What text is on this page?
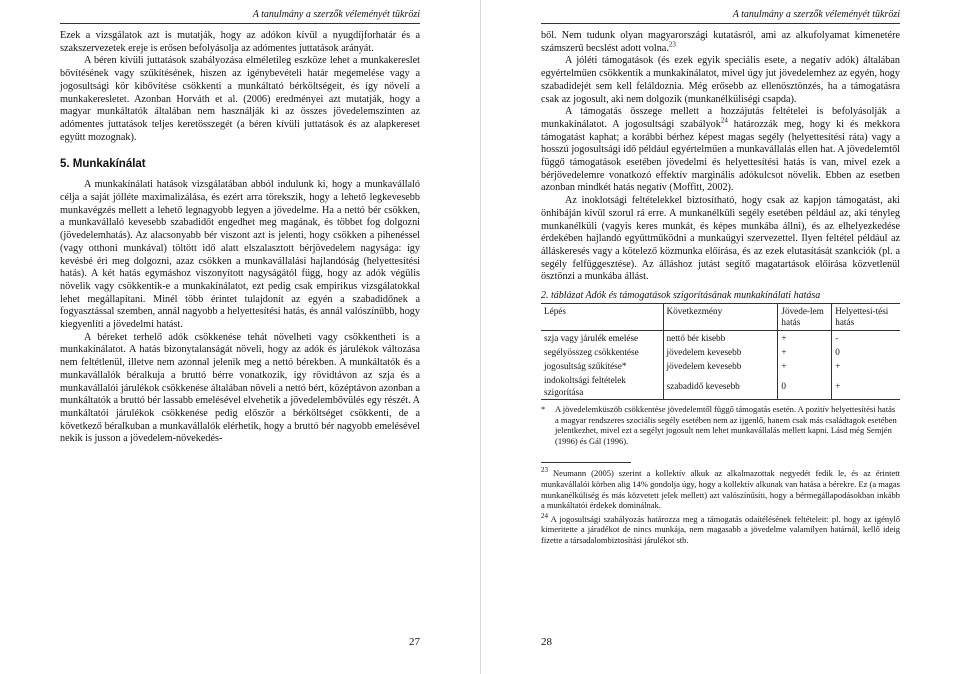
A tanulmány a szerzők véleményét tükrözi

Ezek a vizsgálatok azt is mutatják, hogy az adókon kívül a nyugdíjforhatár és a szakszervezetek ereje is erősen befolyásolja az adómentes juttatások arányát.

A béren kívüli juttatások szabályozása elméletileg eszköze lehet a munkakereslet bővítésének vagy szűkítésének, hiszen az igénybevételi határ megemelése vagy a jogosultsági kör kibővítése csökkenti a munkáltató bérköltségeit, és így növeli a munkakeresletet. Azonban Horváth et al. (2006) eredményei azt mutatják, hogy a magyar munkáltatók általában nem használják ki az összes jövedelemszinten az adómentes juttatások teljes keretösszegét (a béren kívüli juttatások és az alapkereset együtt mozognak).

5. Munkakínálat

A munkakínálati hatások vizsgálatában abból indulunk ki, hogy a munkavállaló célja a saját jólléte maximalizálása, és ezért arra törekszik, hogy a lehető legkevesebb munkavégzés mellett a lehető legnagyobb legyen a jövedelme. Ha a nettó bér csökken, a munkavállaló kevesebb szabadidőt engedhet meg magának, és többet fog dolgozni (jövedelemhatás). Az alacsonyabb bér viszont azt is jelenti, hogy csökken a pihenéssel (vagy otthoni munkával) töltött idő alatt elszalasztott bérjövedelem nagysága: így kevésbé éri meg dolgozni, azaz csökken a munkavállalási hajlandóság (helyettesítési hatás). A két hatás egymáshoz viszonyított nagyságától függ, hogy az adók végülis növelik vagy csökkentik-e a munkakínálatot, ezt pedig csak empirikus vizsgálatokkal lehet megállapítani. Minél több érintet tulajdonít az egyén a szabadidőnek a fogyasztással szemben, annál nagyobb a helyettesítési hatás, és annál valószínűbb, hogy kiegyenlíti a jövedelmi hatást.

A béreket terhelő adók csökkenése tehát növelheti vagy csökkentheti is a munkakínálatot. A hatás bizonytalanságát növeli, hogy az adók és járulékok változása nem feltétlenül, illetve nem azonnal jelenik meg a nettó bérekben. A munkáltatók és a munkavállalók béralkuja a bruttó bérre vonatkozik, így rövidtávon az szja és a munkavállalói járulékok csökkenése általában növeli a nettó bért, középtávon azonban a munkáltatók a bruttó bér lassabb emelésével elvehetik a jövedelembővülés egy részét. A munkáltatói járulékok csökkenése pedig először a bérköltséget csökkenti, de a következő béralkuban a munkavállalók elérhetik, hogy a bruttó bér nagyobb emelésével nekik is jusson a jövedelem-növekedés-

27
A tanulmány a szerzők véleményét tükrözi

ből. Nem tudunk olyan magyarországi kutatásról, ami az alkufolyamat kimenetére számszerű becslést adott volna.$^{23}$

A jóléti támogatások (és ezek egyik speciális esete, a negatív adók) általában egyértelműen csökkentik a munkakínálatot, mivel úgy jut jövedelemhez az egyén, hogy szabadidejét sem kell feláldoznia. Még erősebb az ellenösztönzés, ha a támogatásra csak az jogosult, aki nem dolgozik (munkanélküliségi csapda).

A támogatás összege mellett a hozzájutás feltételei is befolyásolják a munkakínálatot. A jogosultsági szabályok$^{24}$ határozzák meg, hogy ki és mekkora támogatást kaphat; a korábbi bérhez képest magas segély (helyettesítési ráta) vagy a hosszú jogosultsági idő például egyértelműen a munkavállalás ellen hat. A jövedelemtől függő támogatások esetében jövedelmi és helyettesítési hatás is van, mivel ezek a bérjövedelemre vonatkozó effektív marginális adókulcsot növelik. Ebben az esetben azonban mindkét hatás negatív (Moffitt, 2002).

Az inoklotsági feltételekkel biztosítható, hogy csak az kapjon támogatást, aki önhibáján kívül szorul rá erre. A munkanélküli segély esetében például az, aki tényleg munkanélküli (vagyis keres munkát, és képes munkába állni), és az elhelyezkedése érdekében hajlandó együttműködni a munkaügyi szervezettel. Ilyen feltétel például az álláskeresés vagy a kötelező közmunka előírása, és az ezek elutasítását szankciók (pl. a segély felfüggesztése). Az álláshoz jutást segítő magatartások előírása közvetlenül ösztönzi a munkába állást.

2. táblázat Adók és támogatások szigorításának munkakínálati hatása
Lépés	Következmény	Jövede-lem hatás	Helyettesí-tési hatás
szja vagy járulék emelése	nettó bér kisebb	+	-
segélyösszeg csökkentése	jövedelem kevesebb	+	0
jogosultság szűkítése*	jövedelem kevesebb	+	+
indokoltsági feltételek szigorítása	szabadidő kevesebb	0	+
*	A jövedelemküszöb csökkentése jövedelemtől függő támogatás esetén. A pozitív helyettesítési hatás a magyar rendszeres szociális segély esetében nem az ijgenlő, hanem csak más családtagok esetében jelentkezhet, mivel ezt a segélyt jogosult nem lehet munkavállalás mellett kapni. Lásd még Semjén (1996) és Gál (1996).
$^{23}$ Neumann (2005) szerint a kollektív alkuk az alkalmazottak negyedét fedik le, és az érintett munkavállalói körben alig 14% gondolja úgy, hogy a kollektív alkunak van hatása a bérekre. Ez (a magas munkanélküliség és más közvetett jelek mellett) azt valószínűsíti, hogy a bérmegállapodásokban inkább a munkáltatói érdekek dominálnak.
$^{24}$ A jogosultsági szabályozás határozza meg a támogatás odaítélésének feltételeit: pl. hogy az igénylő kimeritette a járadékot de nincs munkája, nem magasabb a jövedelme valamilyen határnál, kellő ideig fizette a társadalombiztosítási járulékot stb.
28
